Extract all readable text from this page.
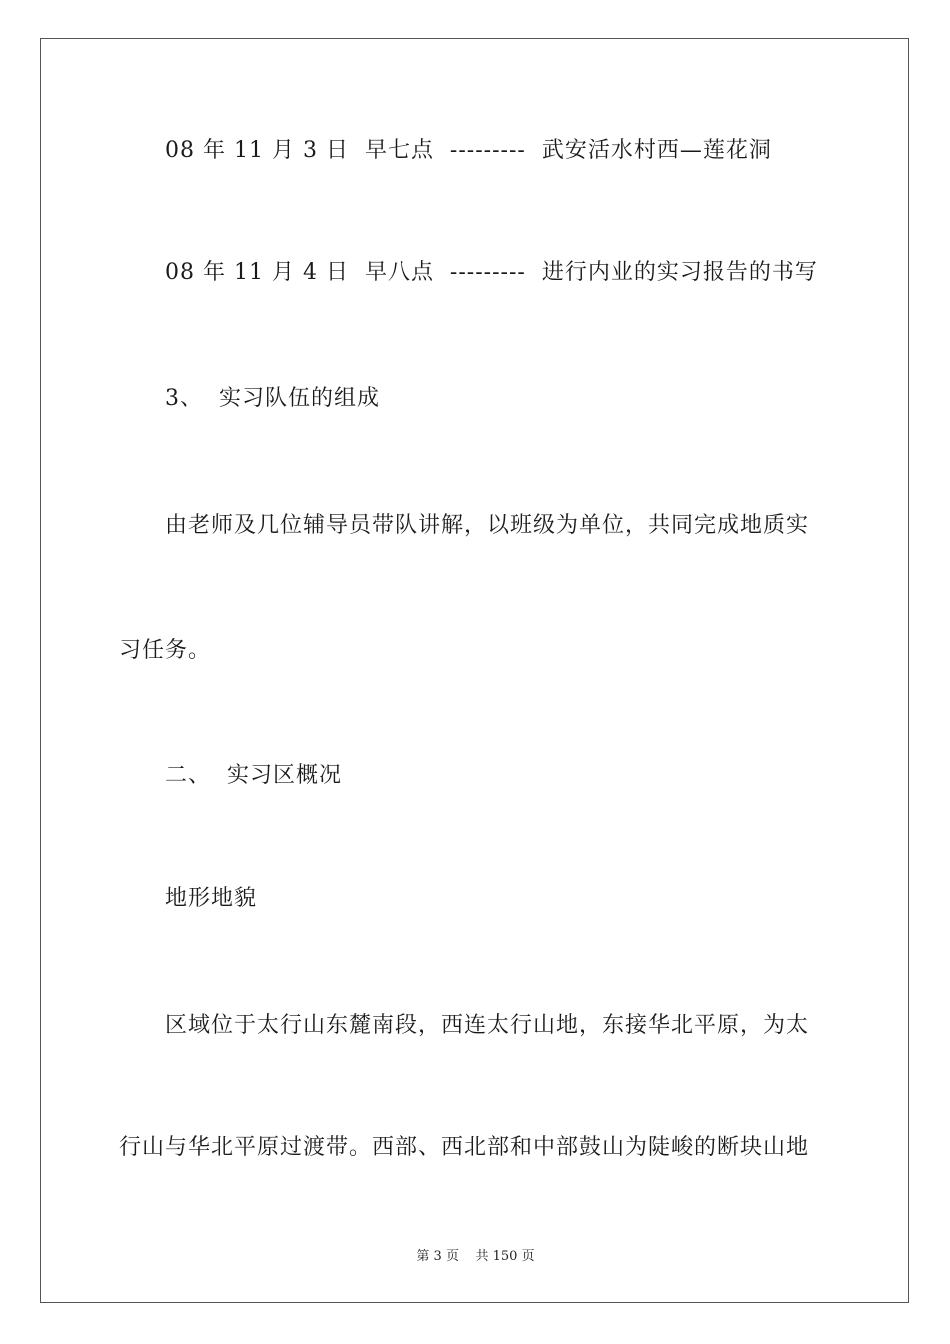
08 年 11 月 3 日  早七点  ---------  武安活水村西—莲花洞
08 年 11 月 4 日  早八点  ---------  进行内业的实习报告的书写
3、  实习队伍的组成
由老师及几位辅导员带队讲解，以班级为单位，共同完成地质实
习任务。
二、  实习区概况
地形地貌
区域位于太行山东麓南段，西连太行山地，东接华北平原，为太
行山与华北平原过渡带。西部、西北部和中部鼓山为陡峻的断块山地
第 3 页    共 150 页
